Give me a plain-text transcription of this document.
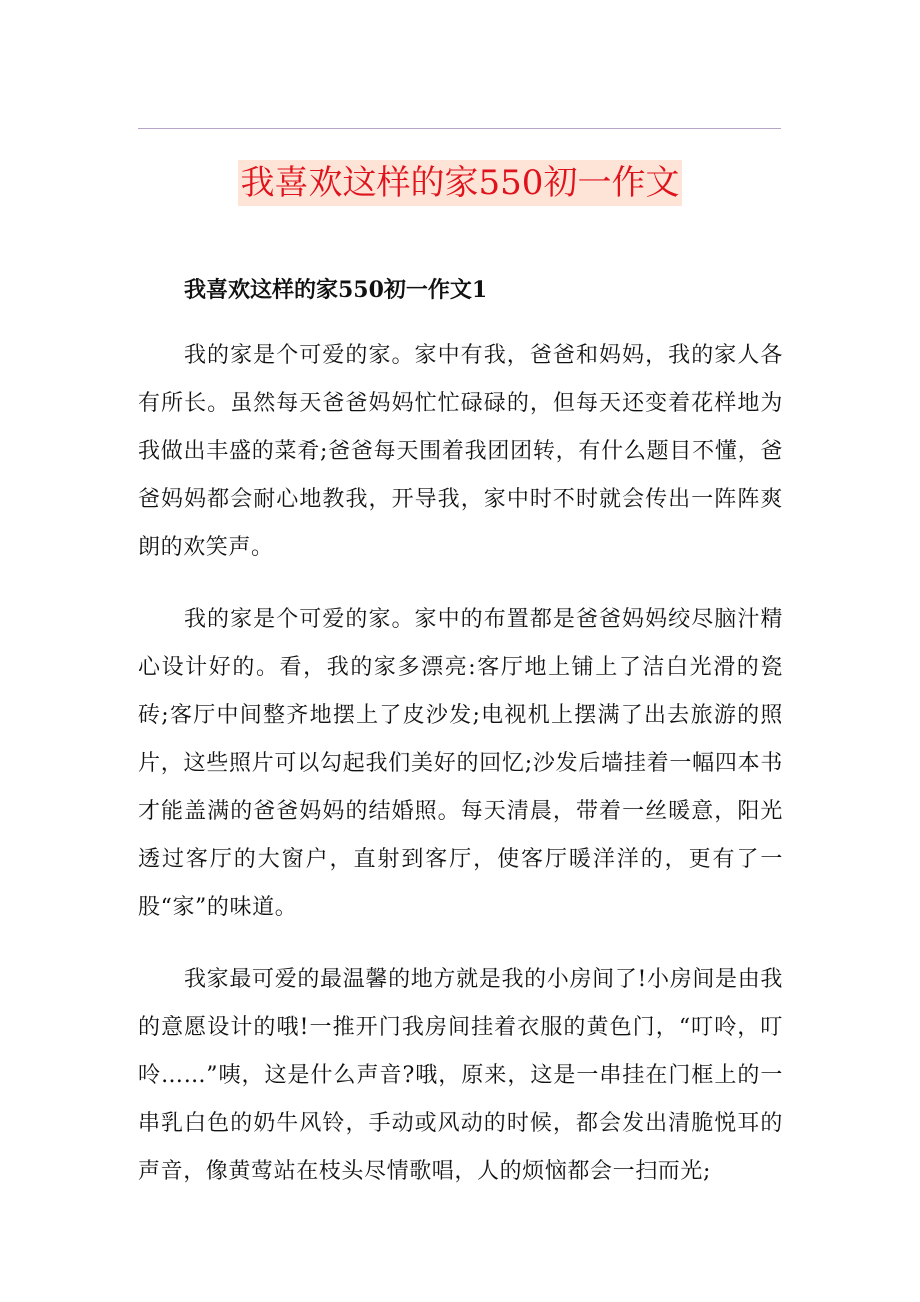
我喜欢这样的家550初一作文

我喜欢这样的家550初一作文1

我的家是个可爱的家。家中有我，爸爸和妈妈，我的家人各有所长。虽然每天爸爸妈妈忙忙碌碌的，但每天还变着花样地为我做出丰盛的菜肴;爸爸每天围着我团团转，有什么题目不懂，爸爸妈妈都会耐心地教我，开导我，家中时不时就会传出一阵阵爽朗的欢笑声。

我的家是个可爱的家。家中的布置都是爸爸妈妈绞尽脑汁精心设计好的。看，我的家多漂亮:客厅地上铺上了洁白光滑的瓷砖;客厅中间整齐地摆上了皮沙发;电视机上摆满了出去旅游的照片，这些照片可以勾起我们美好的回忆;沙发后墙挂着一幅四本书才能盖满的爸爸妈妈的结婚照。每天清晨，带着一丝暖意，阳光透过客厅的大窗户，直射到客厅，使客厅暖洋洋的，更有了一股“家”的味道。

我家最可爱的最温馨的地方就是我的小房间了!小房间是由我的意愿设计的哦!一推开门我房间挂着衣服的黄色门，“叮呤，叮呤……”咦，这是什么声音?哦，原来，这是一串挂在门框上的一串乳白色的奶牛风铃，手动或风动的时候，都会发出清脆悦耳的声音，像黄莺站在枝头尽情歌唱，人的烦恼都会一扫而光;
